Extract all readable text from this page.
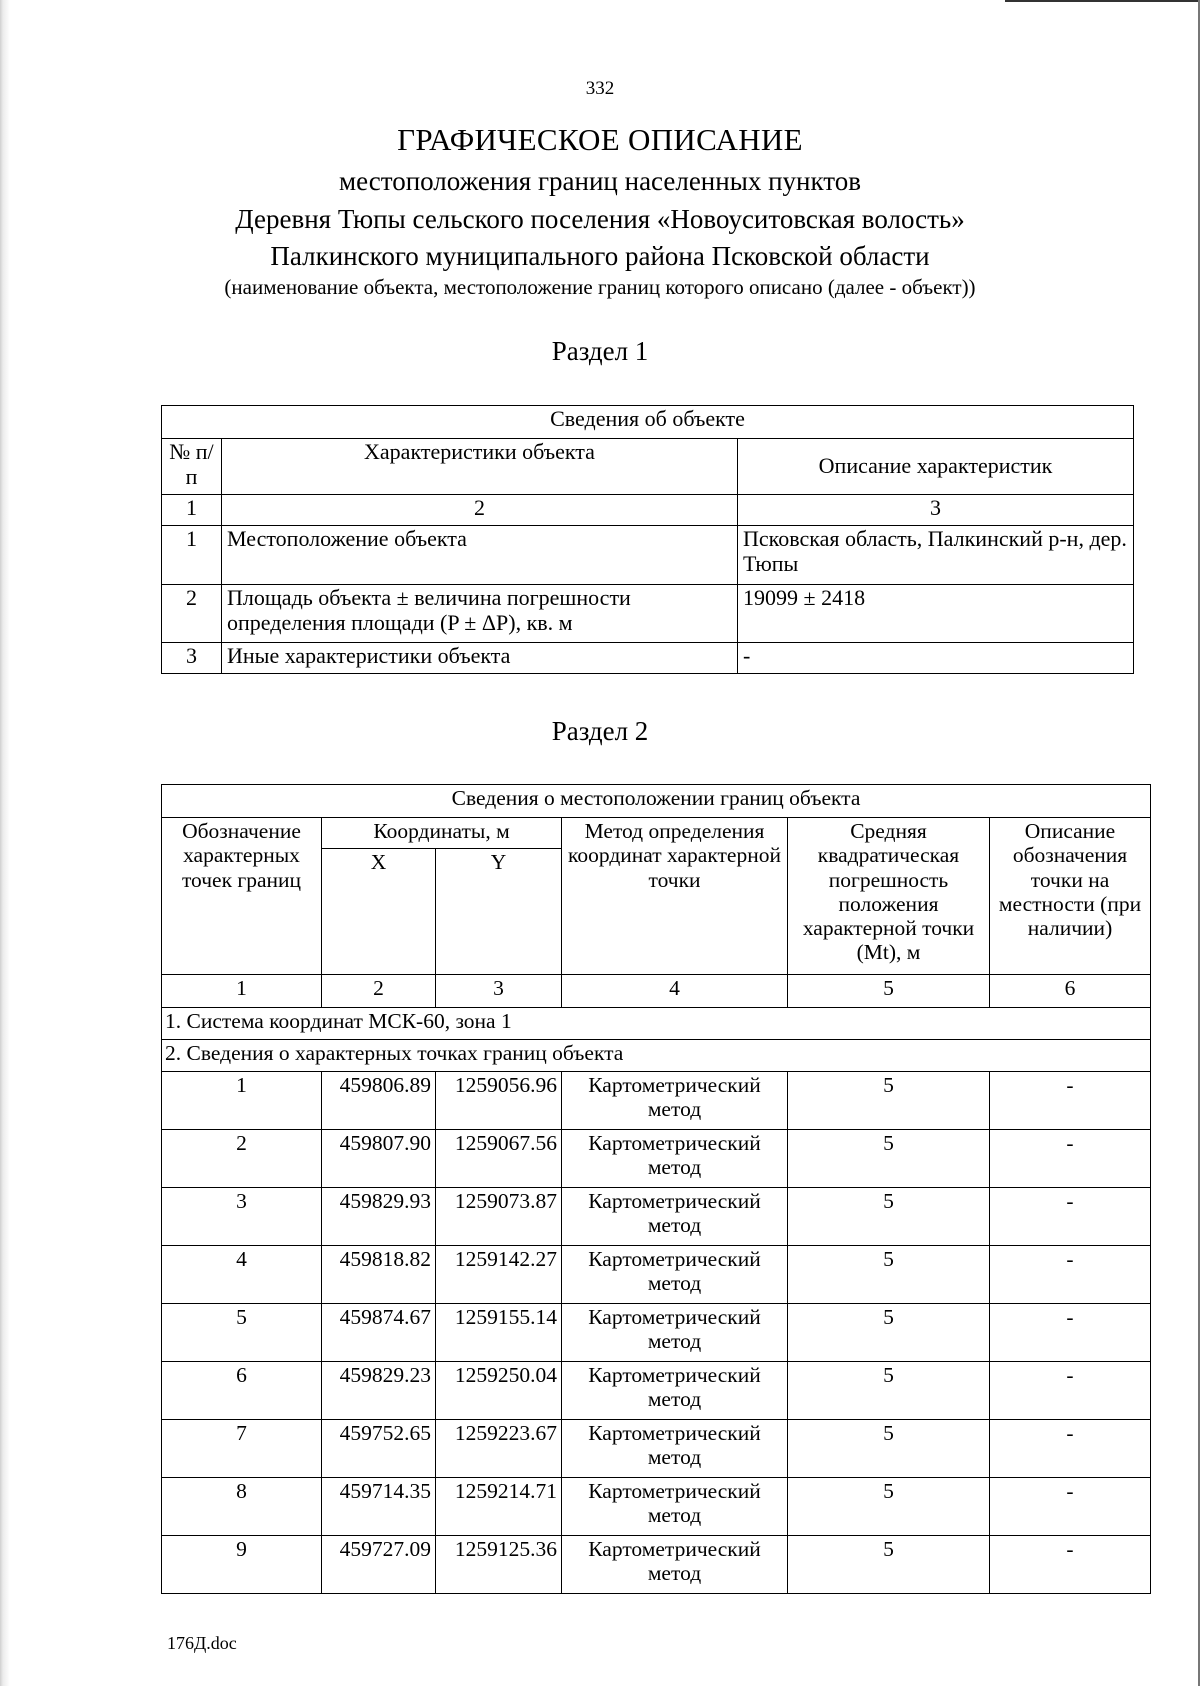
332
ГРАФИЧЕСКОЕ ОПИСАНИЕ
местоположения границ населенных пунктов
Деревня Тюпы сельского поселения «Новоуситовская волость»
Палкинского муниципального района Псковской области
(наименование объекта, местоположение границ которого описано (далее - объект))
Раздел 1
Сведения об объекте		
№ п/п	Характеристики объекта	Описание характеристик
1	2	3
1	Местоположение объекта	Псковская область, Палкинский р-н, дер. Тюпы
2	Площадь объекта ± величина погрешности определения площади (P ± ΔP), кв. м	19099 ± 2418
3	Иные характеристики объекта	-
Раздел 2
Сведения о местоположении границ объекта					
Обозначение характерных точек границ	Координаты, м		Метод определения координат характерной точки	Средняя квадратическая погрешность положения характерной точки (Mt), м	Описание обозначения точки на местности (при наличии)
	X	Y			
1	2	3	4	5	6
1. Система координат МСК-60, зона 1					
2. Сведения о характерных точках границ объекта					
1	459806.89	1259056.96	Картометрический метод	5	-
2	459807.90	1259067.56	Картометрический метод	5	-
3	459829.93	1259073.87	Картометрический метод	5	-
4	459818.82	1259142.27	Картометрический метод	5	-
5	459874.67	1259155.14	Картометрический метод	5	-
6	459829.23	1259250.04	Картометрический метод	5	-
7	459752.65	1259223.67	Картометрический метод	5	-
8	459714.35	1259214.71	Картометрический метод	5	-
9	459727.09	1259125.36	Картометрический метод	5	-
176Д.doc
